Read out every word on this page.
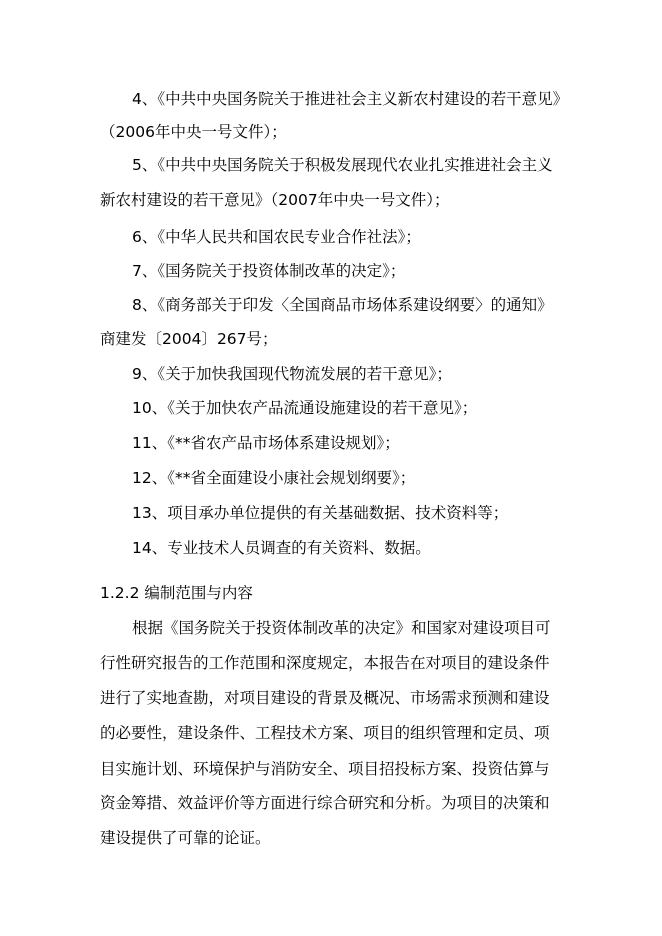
4、《中共中央国务院关于推进社会主义新农村建设的若干意见》
（2006年中央一号文件）；
5、《中共中央国务院关于积极发展现代农业扎实推进社会主义
新农村建设的若干意见》（2007年中央一号文件）；
6、《中华人民共和国农民专业合作社法》；
7、《国务院关于投资体制改革的决定》；
8、《商务部关于印发〈全国商品市场体系建设纲要〉的通知》
商建发〔2004〕267号；
9、《关于加快我国现代物流发展的若干意见》；
10、《关于加快农产品流通设施建设的若干意见》；
11、《**省农产品市场体系建设规划》；
12、《**省全面建设小康社会规划纲要》；
13、项目承办单位提供的有关基础数据、技术资料等；
14、专业技术人员调查的有关资料、数据。
1.2.2 编制范围与内容
根据《国务院关于投资体制改革的决定》和国家对建设项目可
行性研究报告的工作范围和深度规定，本报告在对项目的建设条件
进行了实地查勘，对项目建设的背景及概况、市场需求预测和建设
的必要性，建设条件、工程技术方案、项目的组织管理和定员、项
目实施计划、环境保护与消防安全、项目招投标方案、投资估算与
资金筹措、效益评价等方面进行综合研究和分析。为项目的决策和
建设提供了可靠的论证。
